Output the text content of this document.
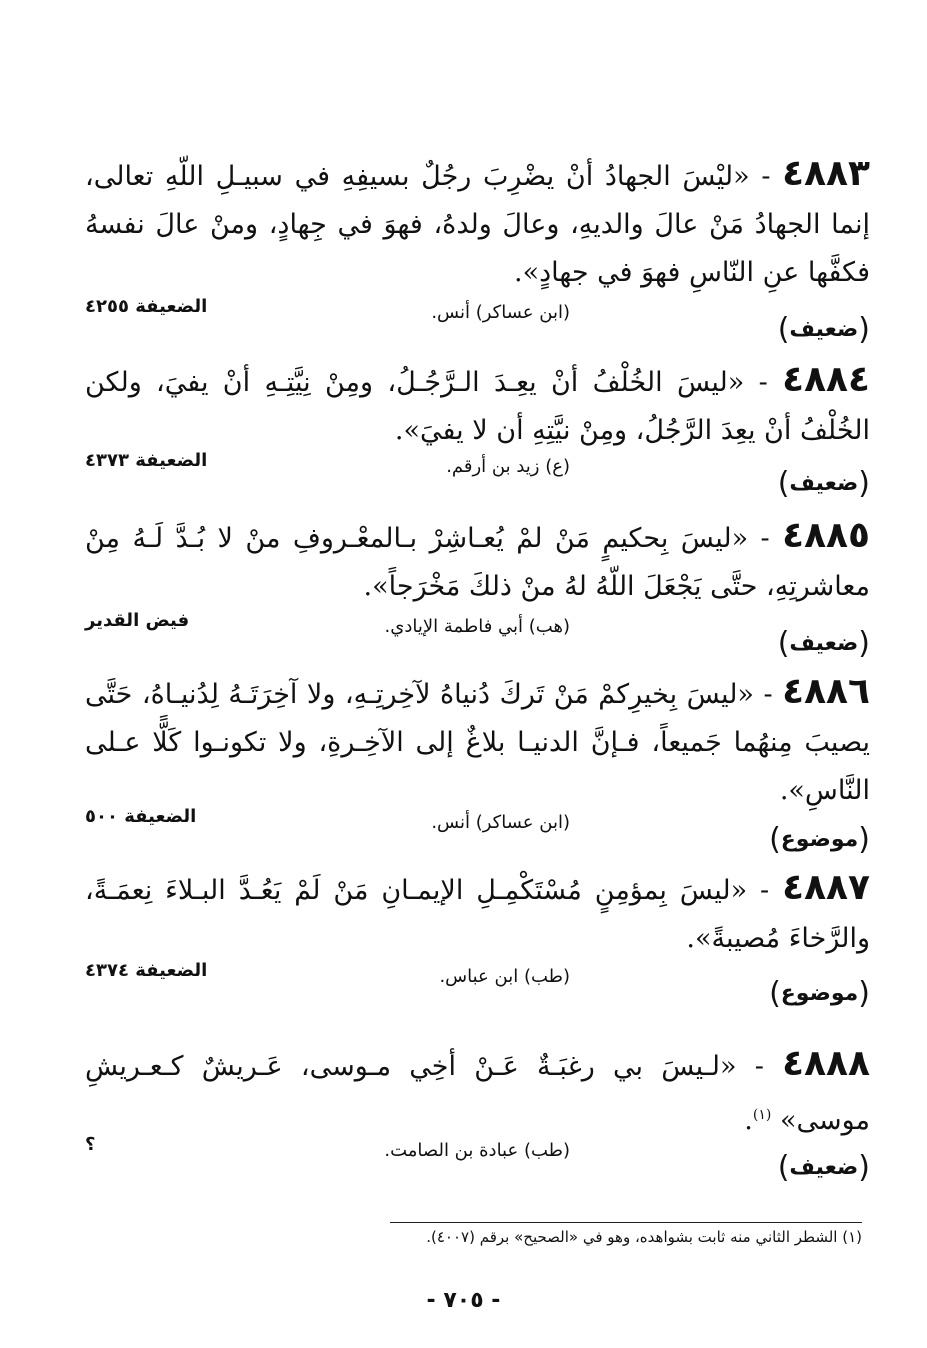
٤٨٨٣ - «ليْسَ الجهادُ أنْ يضْرِبَ رجُلٌ بسيفِهِ في سبيـلِ اللّهِ تعالى، إنما الجهادُ مَنْ عالَ والديهِ، وعالَ ولدهُ، فهوَ في جِهادٍ، ومنْ عالَ نفسهُ فكفَّها عنِ النّاسِ فهوَ في جهادٍ».

(ضعيف)
(ابن عساكر) أنس.
الضعيفة ٤٢٥٥

٤٨٨٤ - «ليسَ الخُلْفُ أنْ يعِـدَ الـرَّجُـلُ، ومِنْ نِيَّتِـهِ أنْ يفيَ، ولكن الخُلْفُ أنْ يعِدَ الرَّجُلُ، ومِنْ نيَّتِهِ أن لا يفيَ».

(ضعيف)
(ع) زيد بن أرقم.
الضعيفة ٤٣٧٣

٤٨٨٥ - «ليسَ بِحكيمٍ مَنْ لمْ يُعـاشِرْ بـالمعْـروفِ منْ لا بُـدَّ لَـهُ مِنْ معاشرتِهِ، حتَّى يَجْعَلَ اللّهُ لهُ منْ ذلكَ مَخْرَجاً».

(ضعيف)
(هب) أبي فاطمة الإيادي.
فيض القدير

٤٨٨٦ - «ليسَ بِخيرِكمْ مَنْ تَركَ دُنياهُ لآخِرتِـهِ، ولا آخِرَتَـهُ لِدُنيـاهُ، حَتَّى يصيبَ مِنهُما جَميعاً، فـإنَّ الدنيـا بلاغٌ إلى الآخِـرةِ، ولا تكونـوا كَلًّا عـلى النَّاسِ».

(موضوع)
(ابن عساكر) أنس.
الضعيفة ٥٠٠

٤٨٨٧ - «ليسَ بِمؤمِنٍ مُسْتَكْمِـلِ الإيمـانِ مَنْ لَمْ يَعُـدَّ البـلاءَ نِعمَـةً، والرَّخاءَ مُصيبةً».

(موضوع)
(طب) ابن عباس.
الضعيفة ٤٣٧٤

٤٨٨٨ - «لـيسَ بي رغبَـةٌ عَـنْ أخِي مـوسى، عَـريشٌ كـعـريشِ موسى» $^{(١)}$.

(ضعيف)
(طب) عبادة بن الصامت.
؟
(١) الشطر الثاني منه ثابت بشواهده، وهو في «الصحيح» برقم (٤٠٠٧).
- ٧٠٥ -
